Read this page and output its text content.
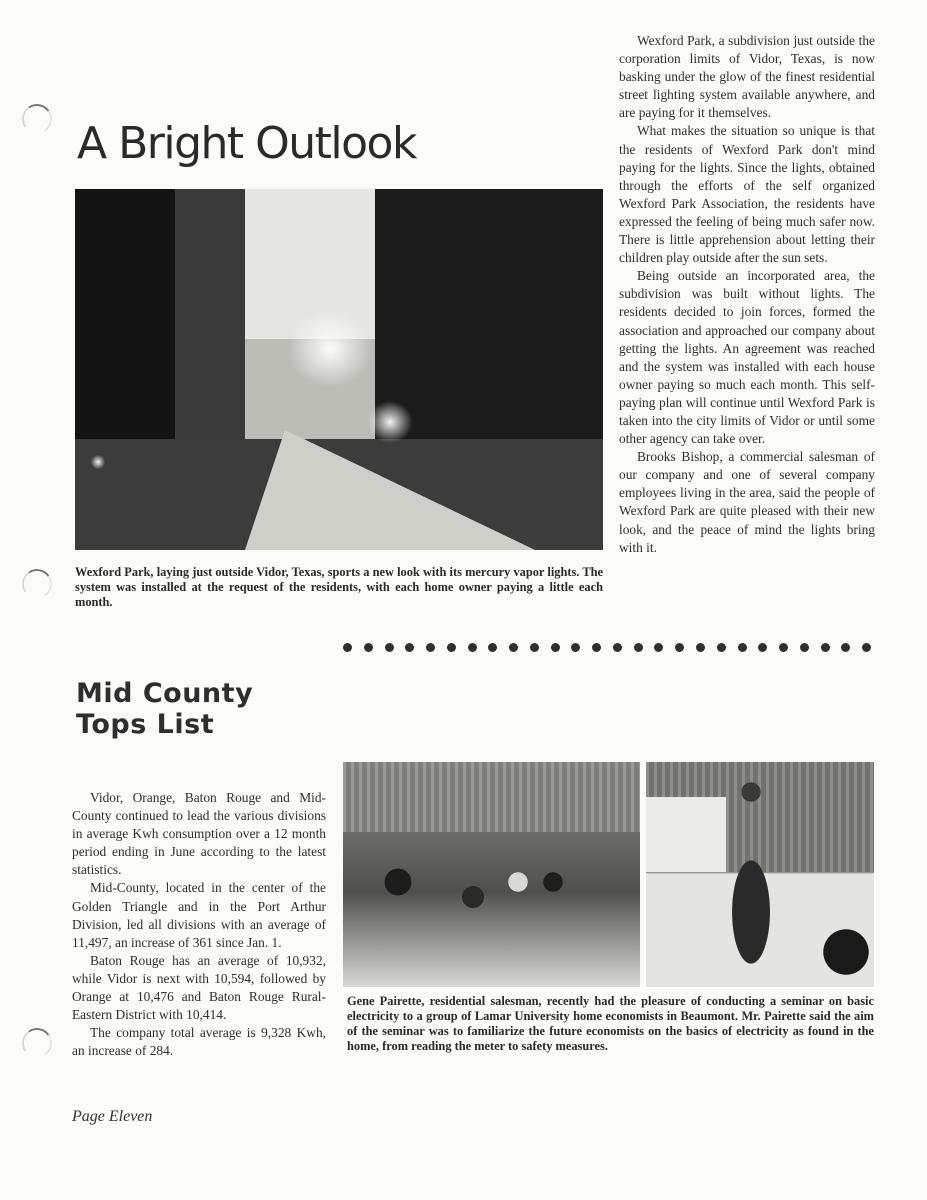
A Bright Outlook
Wexford Park, laying just outside Vidor, Texas, sports a new look with its mercury vapor lights. The system was installed at the request of the residents, with each home owner paying a little each month.

Wexford Park, a subdivision just outside the corporation limits of Vidor, Texas, is now basking under the glow of the finest residential street lighting system available anywhere, and are paying for it themselves.

What makes the situation so unique is that the residents of Wexford Park don't mind paying for the lights. Since the lights, obtained through the efforts of the self organized Wexford Park Association, the residents have expressed the feeling of being much safer now. There is little apprehension about letting their children play outside after the sun sets.

Being outside an incorporated area, the subdivision was built without lights. The residents decided to join forces, formed the association and approached our company about getting the lights. An agreement was reached and the system was installed with each house owner paying so much each month. This self-paying plan will continue until Wexford Park is taken into the city limits of Vidor or until some other agency can take over.

Brooks Bishop, a commercial salesman of our company and one of several company employees living in the area, said the people of Wexford Park are quite pleased with their new look, and the peace of mind the lights bring with it.

Mid County
Tops List

Vidor, Orange, Baton Rouge and Mid-County continued to lead the various divisions in average Kwh consumption over a 12 month period ending in June according to the latest statistics.

Mid-County, located in the center of the Golden Triangle and in the Port Arthur Division, led all divisions with an average of 11,497, an increase of 361 since Jan. 1.

Baton Rouge has an average of 10,932, while Vidor is next with 10,594, followed by Orange at 10,476 and Baton Rouge Rural-Eastern District with 10,414.

The company total average is 9,328 Kwh, an increase of 284.

Gene Pairette, residential salesman, recently had the pleasure of conducting a seminar on basic electricity to a group of Lamar University home economists in Beaumont. Mr. Pairette said the aim of the seminar was to familiarize the future economists on the basics of electricity as found in the home, from reading the meter to safety measures.
Page Eleven
